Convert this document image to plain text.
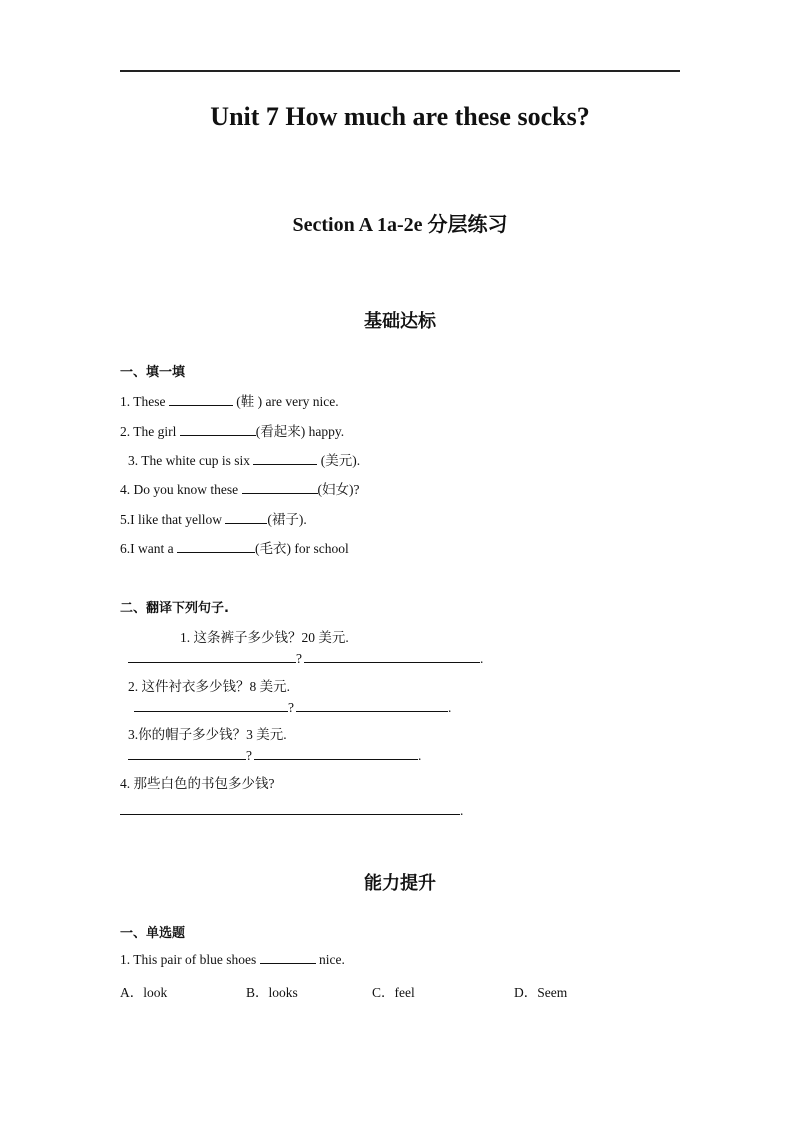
Unit 7 How much are these socks?
Section A 1a-2e 分层练习
基础达标
一、填一填
1. These	(鞋 ) are very nice.
2. The girl	(看起来) happy.
3. The white cup is six	(美元).
4. Do you know these	(妇女)?
5.I like that yellow	(裙子).
6.I want a	(毛衣) for school
二、翻译下列句子.
1. 这条裤子多少钱？20 美元.
?	.
2. 这件衬衣多少钱？8 美元.
?	.
3.你的帽子多少钱？3 美元.
?	.
4. 那些白色的书包多少钱?
.
能力提升
一、单选题
1. This pair of blue shoes	nice.
A．look	B．looks	C．feel	D．Seem
